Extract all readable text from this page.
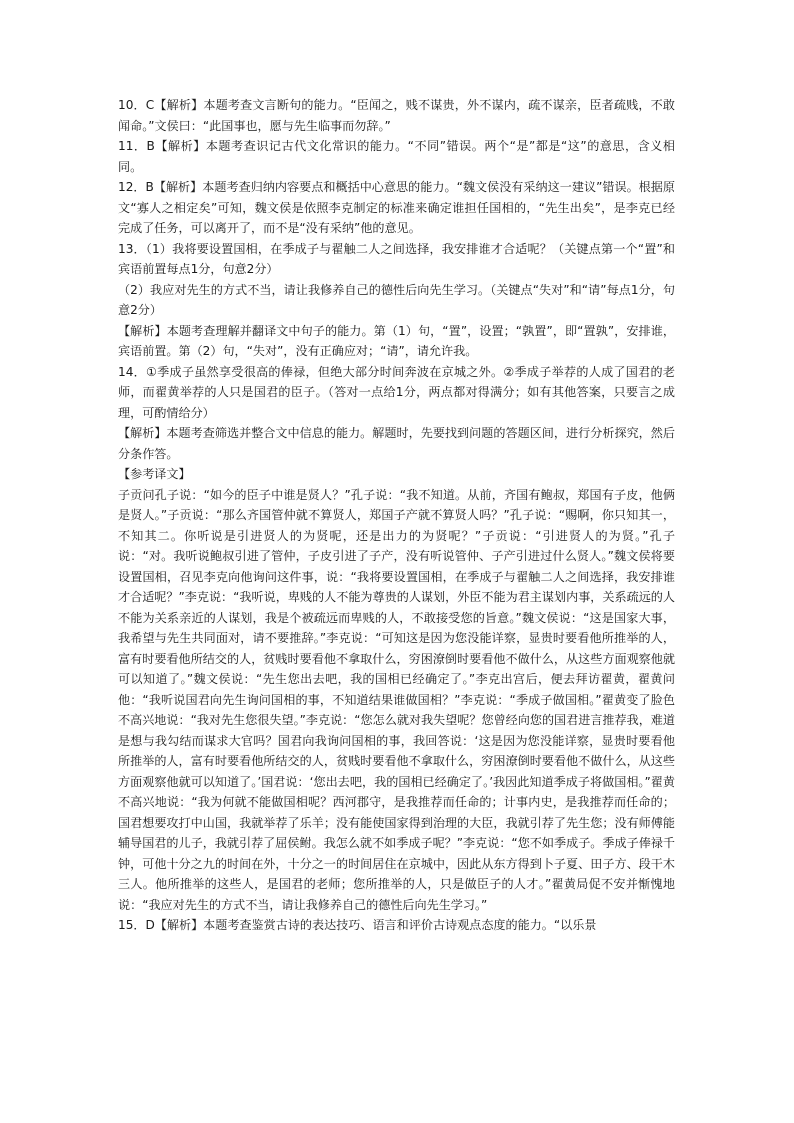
10．C【解析】本题考查文言断句的能力。“臣闻之，贱不谋贵，外不谋内，疏不谋亲，臣者疏贱，不敢闻命。”文侯曰：“此国事也，愿与先生临事而勿辞。”

11．B【解析】本题考查识记古代文化常识的能力。“不同”错误。两个“是”都是“这”的意思，含义相同。

12．B【解析】本题考查归纳内容要点和概括中心意思的能力。“魏文侯没有采纳这一建议”错误。根据原文“寡人之相定矣”可知，魏文侯是依照李克制定的标准来确定谁担任国相的，“先生出矣”，是李克已经完成了任务，可以离开了，而不是“没有采纳”他的意见。

13．（1）我将要设置国相，在季成子与翟触二人之间选择，我安排谁才合适呢？（关键点第一个“置”和宾语前置每点1分，句意2分）

（2）我应对先生的方式不当，请让我修养自己的德性后向先生学习。（关键点“失对”和“请”每点1分，句意2分）

【解析】本题考查理解并翻译文中句子的能力。第（1）句，“置”，设置；“孰置”，即“置孰”，安排谁，宾语前置。第（2）句，“失对”，没有正确应对；“请”，请允许我。

14．①季成子虽然享受很高的俸禄，但绝大部分时间奔波在京城之外。②季成子举荐的人成了国君的老师，而翟黄举荐的人只是国君的臣子。（答对一点给1分，两点都对得满分；如有其他答案，只要言之成理，可酌情给分）

【解析】本题考查筛选并整合文中信息的能力。解题时，先要找到问题的答题区间，进行分析探究，然后分条作答。

【参考译文】

子贡问孔子说：“如今的臣子中谁是贤人？”孔子说：“我不知道。从前，齐国有鲍叔，郑国有子皮，他俩是贤人。”子贡说：“那么齐国管仲就不算贤人，郑国子产就不算贤人吗？”孔子说：“赐啊，你只知其一，不知其二。你听说是引进贤人的为贤呢，还是出力的为贤呢？”子贡说：“引进贤人的为贤。”孔子说：“对。我听说鲍叔引进了管仲，子皮引进了子产，没有听说管仲、子产引进过什么贤人。”魏文侯将要设置国相，召见李克向他询问这件事，说：“我将要设置国相，在季成子与翟触二人之间选择，我安排谁才合适呢？”李克说：“我听说，卑贱的人不能为尊贵的人谋划，外臣不能为君主谋划内事，关系疏远的人不能为关系亲近的人谋划，我是个被疏远而卑贱的人，不敢接受您的旨意。”魏文侯说：“这是国家大事，我希望与先生共同面对，请不要推辞。”李克说：“可知这是因为您没能详察，显贵时要看他所推举的人，富有时要看他所结交的人，贫贱时要看他不拿取什么，穷困潦倒时要看他不做什么，从这些方面观察他就可以知道了。”魏文侯说：“先生您出去吧，我的国相已经确定了。”李克出宫后，便去拜访翟黄，翟黄问他：“我听说国君向先生询问国相的事，不知道结果谁做国相？”李克说：“季成子做国相。”翟黄变了脸色不高兴地说：“我对先生您很失望。”李克说：“您怎么就对我失望呢？您曾经向您的国君进言推荐我，难道是想与我勾结而谋求大官吗？国君向我询问国相的事，我回答说：‘这是因为您没能详察，显贵时要看他所推举的人，富有时要看他所结交的人，贫贱时要看他不拿取什么，穷困潦倒时要看他不做什么，从这些方面观察他就可以知道了。’国君说：‘您出去吧，我的国相已经确定了。’我因此知道季成子将做国相。”翟黄不高兴地说：“我为何就不能做国相呢？西河郡守，是我推荐而任命的；计事内史，是我推荐而任命的；国君想要攻打中山国，我就举荐了乐羊；没有能使国家得到治理的大臣，我就引荐了先生您；没有师傅能辅导国君的儿子，我就引荐了屈侯鲋。我怎么就不如季成子呢？”李克说：“您不如季成子。季成子俸禄千钟，可他十分之九的时间在外，十分之一的时间居住在京城中，因此从东方得到卜子夏、田子方、段干木三人。他所推举的这些人，是国君的老师；您所推举的人，只是做臣子的人才。”翟黄局促不安并惭愧地说：“我应对先生的方式不当，请让我修养自己的德性后向先生学习。”

15．D【解析】本题考查鉴赏古诗的表达技巧、语言和评价古诗观点态度的能力。“以乐景
